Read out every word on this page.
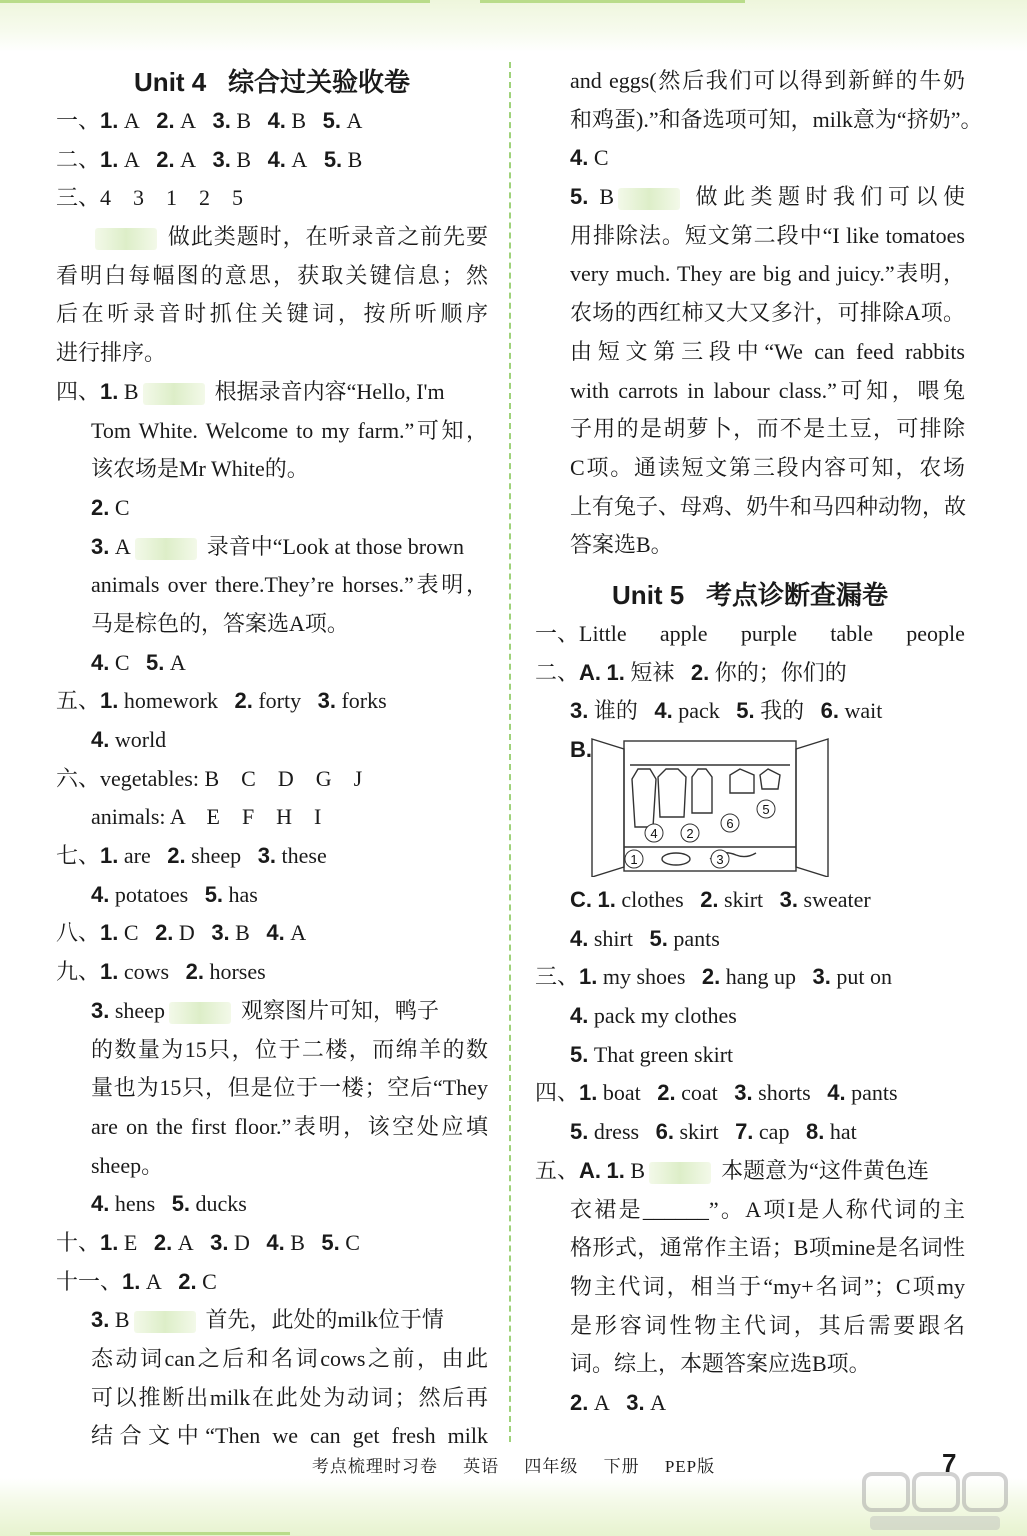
Unit 4 综合过关验收卷
一、1. A 2. A 3. B 4. B 5. A
二、1. A 2. A 3. B 4. A 5. B
三、4　3　1　2　5
做此类题时，在听录音之前先要
看明白每幅图的意思，获取关键信息；然
后在听录音时抓住关键词，按所听顺序
进行排序。
四、1. B	根据录音内容“Hello, I'm
Tom White. Welcome to my farm.”可知，
该农场是Mr White的。
2. C
3. A	录音中“Look at those brown
animals over there.They’re horses.”表明，
马是棕色的，答案选A项。
4. C 5. A
五、1. homework 2. forty 3. forks
4. world
六、vegetables: B　C　D　G　J
animals: A　E　F　H　I
七、1. are 2. sheep 3. these
4. potatoes 5. has
八、1. C 2. D 3. B 4. A
九、1. cows 2. horses
3. sheep	观察图片可知，鸭子
的数量为15只，位于二楼，而绵羊的数
量也为15只，但是位于一楼；空后“They
are on the first floor.”表明，该空处应填
sheep。
4. hens 5. ducks
十、1. E 2. A 3. D 4. B 5. C
十一、1. A 2. C
3. B	首先，此处的milk位于情
态动词can之后和名词cows之前，由此
可以推断出milk在此处为动词；然后再
结合文中“Then we can get fresh milk
and eggs(然后我们可以得到新鲜的牛奶
和鸡蛋).”和备选项可知，milk意为“挤奶”。
4. C
5. B	做此类题时我们可以使
用排除法。短文第二段中“I like tomatoes
very much. They are big and juicy.”表明，
农场的西红柿又大又多汁，可排除A项。
由短文第三段中“We can feed rabbits
with carrots in labour class.”可知，喂兔
子用的是胡萝卜，而不是土豆，可排除
C项。通读短文第三段内容可知，农场
上有兔子、母鸡、奶牛和马四种动物，故
答案选B。
Unit 5 考点诊断查漏卷
一、Little apple purple table people
二、A. 1. 短袜 2. 你的；你们的
3. 谁的 4. pack 5. 我的 6. wait
B.
1
2
3
4
5
6
C. 1. clothes 2. skirt 3. sweater
4. shirt 5. pants
三、1. my shoes 2. hang up 3. put on
4. pack my clothes
5. That green skirt
四、1. boat 2. coat 3. shorts 4. pants
5. dress 6. skirt 7. cap 8. hat
五、A. 1. B	本题意为“这件黄色连
衣裙是______”。A项I是人称代词的主
格形式，通常作主语；B项mine是名词性
物主代词，相当于“my+名词”；C项my
是形容词性物主代词，其后需要跟名
词。综上，本题答案应选B项。
2. A 3. A
考点梳理时习卷 英语 四年级 下册 PEP版	7
